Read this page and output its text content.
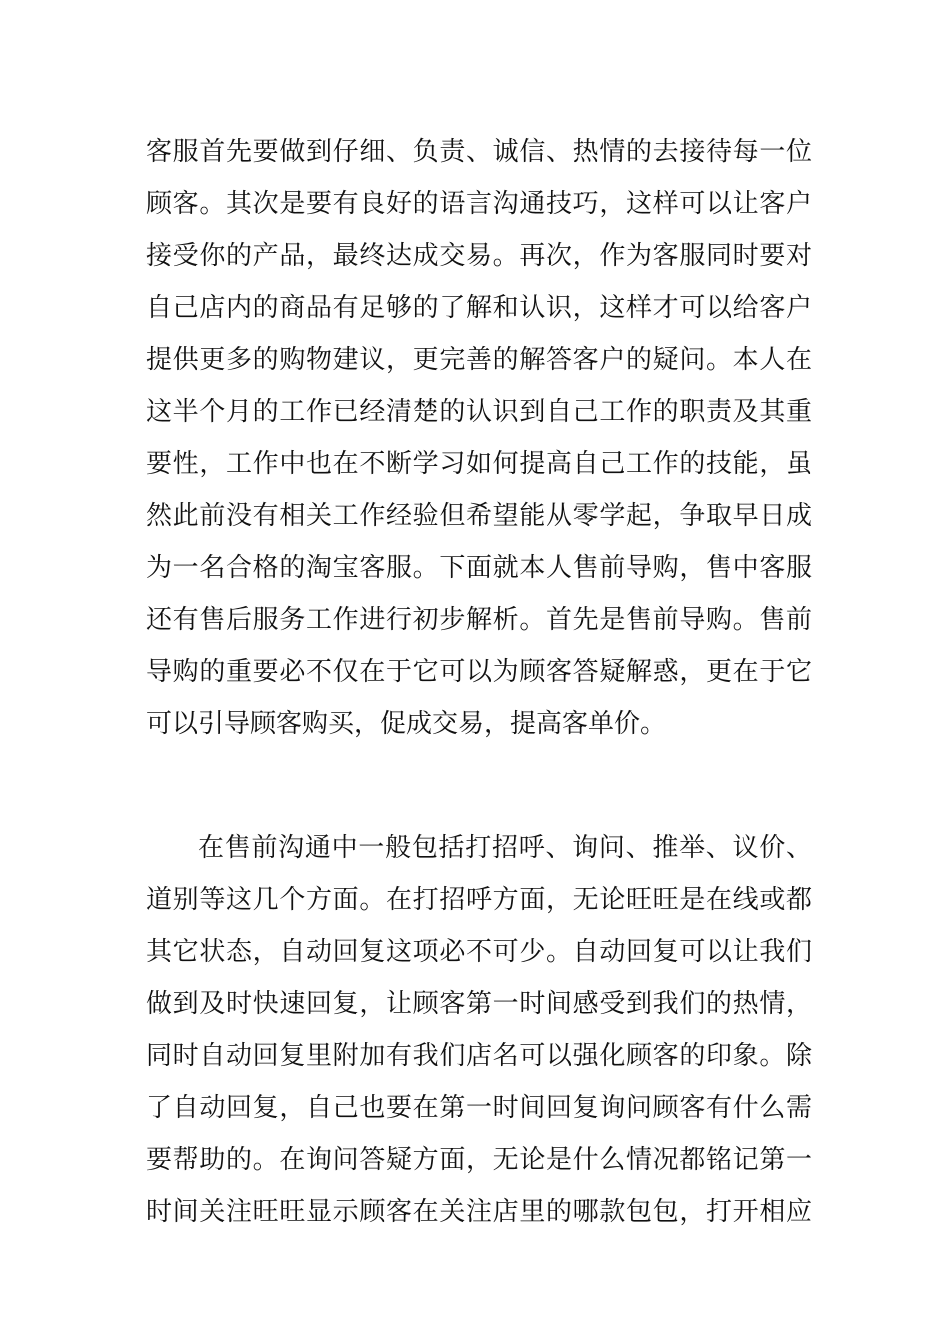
客服首先要做到仔细、负责、诚信、热情的去接待每一位
顾客。其次是要有良好的语言沟通技巧，这样可以让客户
接受你的产品，最终达成交易。再次，作为客服同时要对
自己店内的商品有足够的了解和认识，这样才可以给客户
提供更多的购物建议，更完善的解答客户的疑问。本人在
这半个月的工作已经清楚的认识到自己工作的职责及其重
要性，工作中也在不断学习如何提高自己工作的技能，虽
然此前没有相关工作经验但希望能从零学起，争取早日成
为一名合格的淘宝客服。下面就本人售前导购，售中客服
还有售后服务工作进行初步解析。首先是售前导购。售前
导购的重要必不仅在于它可以为顾客答疑解惑，更在于它
可以引导顾客购买，促成交易，提高客单价。
在售前沟通中一般包括打招呼、询问、推举、议价、
道别等这几个方面。在打招呼方面，无论旺旺是在线或都
其它状态，自动回复这项必不可少。自动回复可以让我们
做到及时快速回复，让顾客第一时间感受到我们的热情，
同时自动回复里附加有我们店名可以强化顾客的印象。除
了自动回复，自己也要在第一时间回复询问顾客有什么需
要帮助的。在询问答疑方面，无论是什么情况都铭记第一
时间关注旺旺显示顾客在关注店里的哪款包包，打开相应
